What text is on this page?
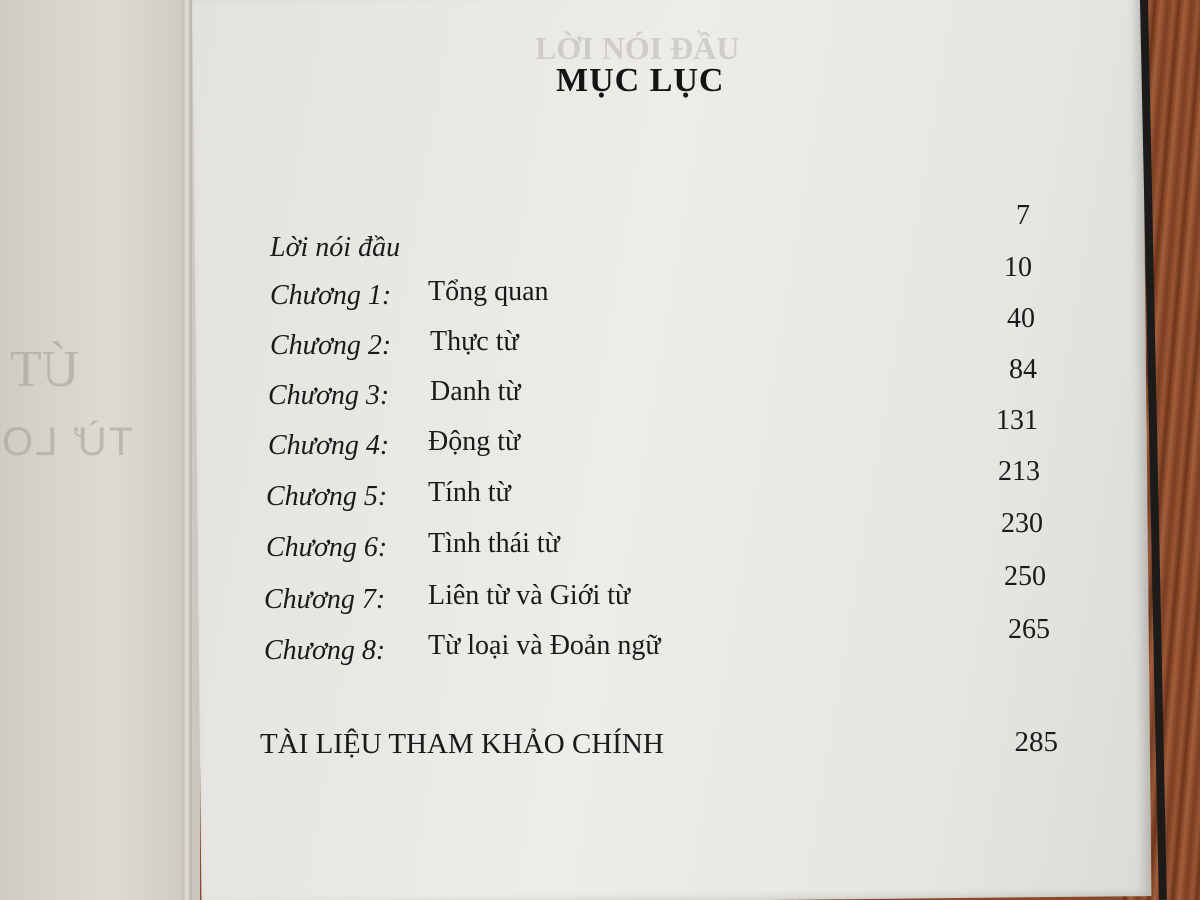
ÚT
TỪ LO
LỜI NÓI ĐẦU
MỤC LỤC
Lời nói đầu
7
Chương 1: Tổng quan
10
Chương 2: Thực từ
40
Chương 3: Danh từ
84
Chương 4: Động từ
131
Chương 5: Tính từ
213
Chương 6: Tình thái từ
230
Chương 7: Liên từ và Giới từ
250
Chương 8: Từ loại và Đoản ngữ
265
TÀI LIỆU THAM KHẢO CHÍNH	285
